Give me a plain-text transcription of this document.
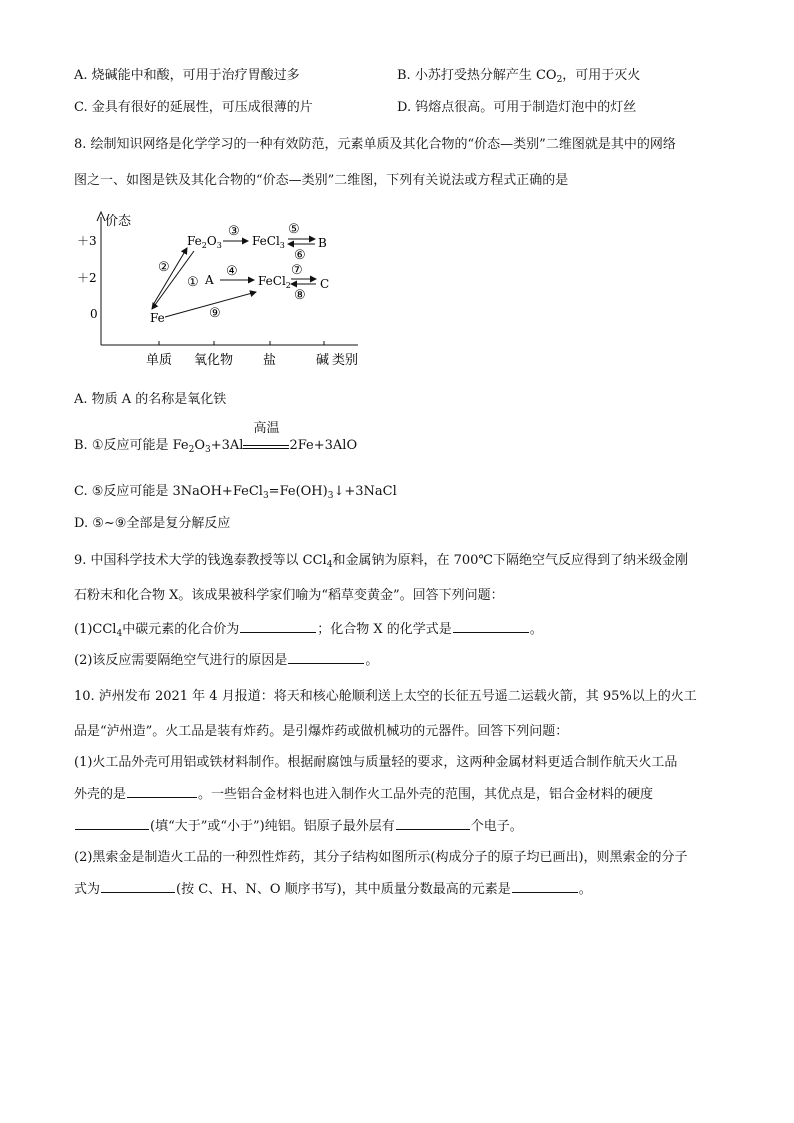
A. 烧碱能中和酸，可用于治疗胃酸过多	B. 小苏打受热分解产生 $CO_2$，可用于灭火
C. 金具有很好的延展性，可压成很薄的片	D. 钨熔点很高。可用于制造灯泡中的灯丝
8. 绘制知识网络是化学学习的一种有效防范，元素单质及其化合物的“价态—类别”二维图就是其中的网络
图之一、如图是铁及其化合物的“价态—类别”二维图，下列有关说法或方程式正确的是
价态
＋3
＋2
0
单质 氧化物 盐	碱 类别
Fe
$Fe_2O_3$	FeCl$_3$	B
A	FeCl$_2$ C
①
②
③
④
⑤
⑥
⑦
⑧
⑨
A. 物质 A 的名称是氧化铁
B. ①反应可能是 $Fe_2O_3+3Al$
高温
2Fe+3AlO
C. ⑤反应可能是 $3NaOH+FeCl_3=Fe(OH)_3↓+3NaCl$
D. ⑤~⑨全部是复分解反应
9. 中国科学技术大学的钱逸泰教授等以 CCl$_4$和金属钠为原料，在 700℃下隔绝空气反应得到了纳米级金刚
石粉末和化合物 X。该成果被科学家们喻为“稻草变黄金”。回答下列问题：
(1)CCl$_4$中碳元素的化合价为	；化合物 X 的化学式是	。
(2)该反应需要隔绝空气进行的原因是	。
10. 泸州发布 2021 年 4 月报道：将天和核心舱顺利送上太空的长征五号遥二运载火箭，其 95%以上的火工
品是“泸州造”。火工品是装有炸药。是引爆炸药或做机械功的元器件。回答下列问题：
(1)火工品外壳可用铝或铁材料制作。根据耐腐蚀与质量轻的要求，这两种金属材料更适合制作航天火工品
外壳的是	。一些铝合金材料也进入制作火工品外壳的范围，其优点是，铝合金材料的硬度
(填“大于”或“小于”)纯铝。铝原子最外层有	个电子。
(2)黑索金是制造火工品的一种烈性炸药，其分子结构如图所示(构成分子的原子均已画出)，则黑索金的分子
式为	(按 C、H、N、O 顺序书写)，其中质量分数最高的元素是	。
